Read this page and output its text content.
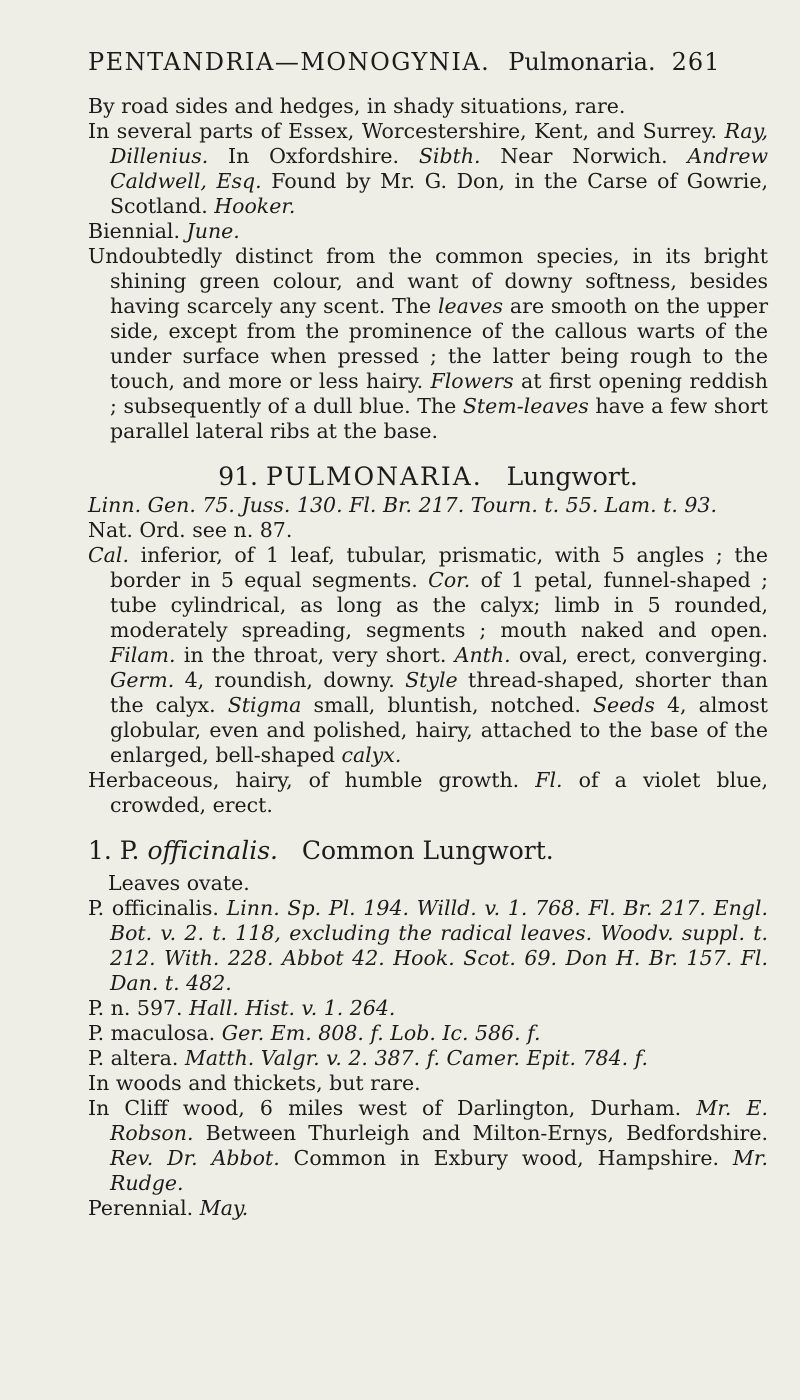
PENTANDRIA—MONOGYNIA. Pulmonaria. 261

By road sides and hedges, in shady situations, rare.

In several parts of Essex, Worcestershire, Kent, and Surrey. Ray, Dillenius. In Oxfordshire. Sibth. Near Norwich. Andrew Caldwell, Esq. Found by Mr. G. Don, in the Carse of Gowrie, Scotland. Hooker.

Biennial. June.

Undoubtedly distinct from the common species, in its bright shining green colour, and want of downy softness, besides having scarcely any scent. The leaves are smooth on the upper side, except from the prominence of the callous warts of the under surface when pressed ; the latter being rough to the touch, and more or less hairy. Flowers at first opening reddish ; subsequently of a dull blue. The Stem-leaves have a few short parallel lateral ribs at the base.

91. PULMONARIA. Lungwort.

Linn. Gen. 75. Juss. 130. Fl. Br. 217. Tourn. t. 55. Lam. t. 93.

Nat. Ord. see n. 87.

Cal. inferior, of 1 leaf, tubular, prismatic, with 5 angles ; the border in 5 equal segments. Cor. of 1 petal, funnel-shaped ; tube cylindrical, as long as the calyx; limb in 5 rounded, moderately spreading, segments ; mouth naked and open. Filam. in the throat, very short. Anth. oval, erect, converging. Germ. 4, roundish, downy. Style thread-shaped, shorter than the calyx. Stigma small, bluntish, notched. Seeds 4, almost globular, even and polished, hairy, attached to the base of the enlarged, bell-shaped calyx.

Herbaceous, hairy, of humble growth. Fl. of a violet blue, crowded, erect.

1. P. officinalis. Common Lungwort.

Leaves ovate.

P. officinalis. Linn. Sp. Pl. 194. Willd. v. 1. 768. Fl. Br. 217. Engl. Bot. v. 2. t. 118, excluding the radical leaves. Woodv. suppl. t. 212. With. 228. Abbot 42. Hook. Scot. 69. Don H. Br. 157. Fl. Dan. t. 482.

P. n. 597. Hall. Hist. v. 1. 264.

P. maculosa. Ger. Em. 808. f. Lob. Ic. 586. f.

P. altera. Matth. Valgr. v. 2. 387. f. Camer. Epit. 784. f.

In woods and thickets, but rare.

In Cliff wood, 6 miles west of Darlington, Durham. Mr. E. Robson. Between Thurleigh and Milton-Ernys, Bedfordshire. Rev. Dr. Abbot. Common in Exbury wood, Hampshire. Mr. Rudge.

Perennial. May.
